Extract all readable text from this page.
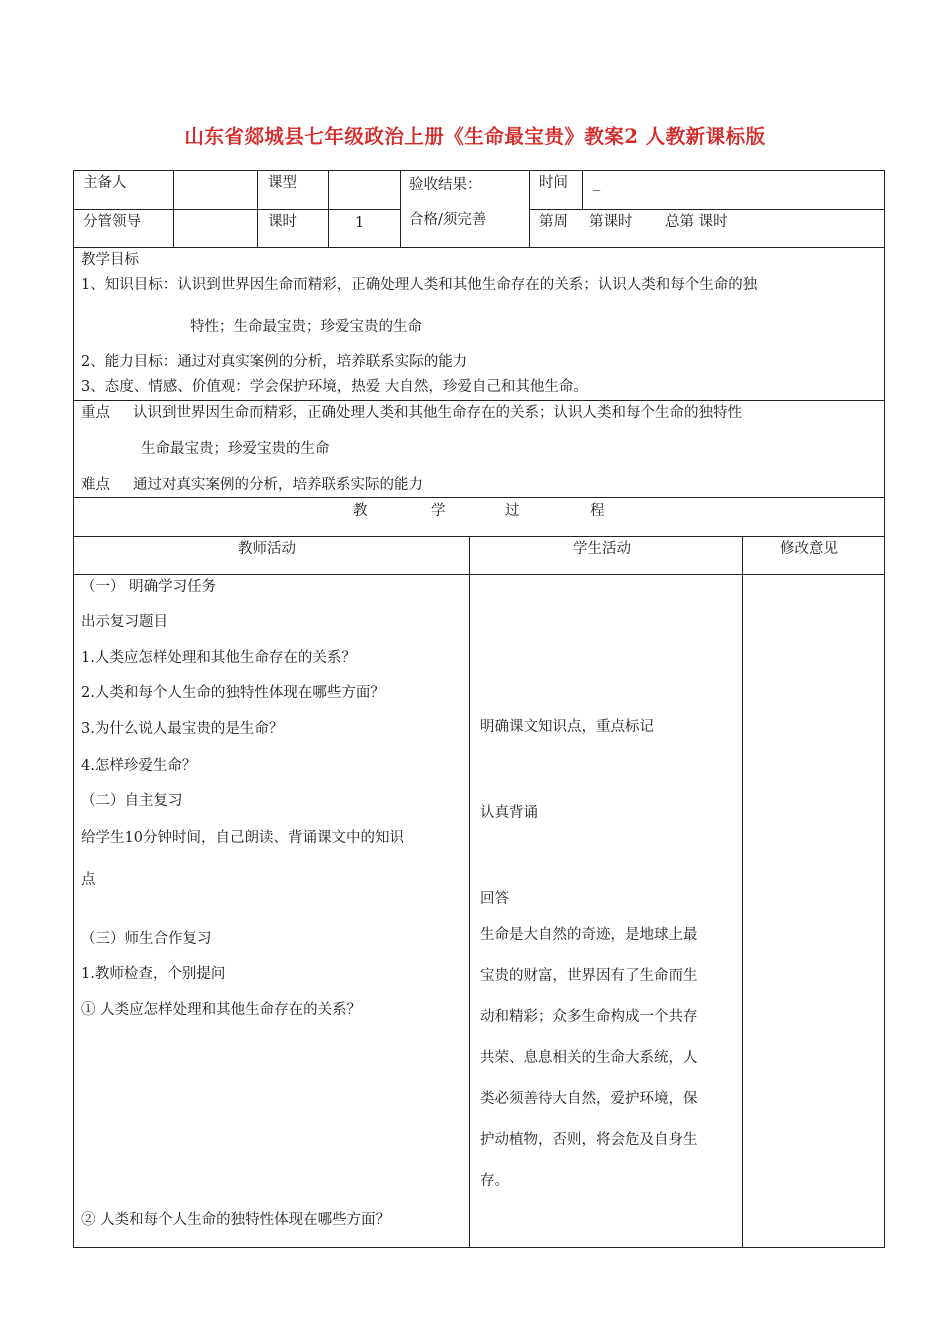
山东省郯城县七年级政治上册《生命最宝贵》教案2 人教新课标版
主备人	课型	验收结果：	时间 _
分管领导	课时	1	合格/须完善	第周 第课时 总第 课时
教学目标
1、知识目标：认识到世界因生命而精彩，正确处理人类和其他生命存在的关系；认识人类和每个生命的独
特性；生命最宝贵；珍爱宝贵的生命
2、能力目标：通过对真实案例的分析，培养联系实际的能力
3、态度、情感、价值观：学会保护环境，热爱 大自然，珍爱自己和其他生命。
重点 认识到世界因生命而精彩，正确处理人类和其他生命存在的关系；认识人类和每个生命的独特性
生命最宝贵；珍爱宝贵的生命
难点 通过对真实案例的分析，培养联系实际的能力
教	学	过	程
教师活动	学生活动	修改意见
（一） 明确学习任务
出示复习题目
1.人类应怎样处理和其他生命存在的关系？
2.人类和每个人生命的独特性体现在哪些方面？
3.为什么说人最宝贵的是生命？
4.怎样珍爱生命？
（二）自主复习
给学生10分钟时间，自己朗读、背诵课文中的知识
点
（三）师生合作复习
1.教师检查，个别提问
① 人类应怎样处理和其他生命存在的关系？
② 人类和每个人生命的独特性体现在哪些方面？
明确课文知识点，重点标记
认真背诵
回答
生命是大自然的奇迹，是地球上最
宝贵的财富，世界因有了生命而生
动和精彩；众多生命构成一个共存
共荣、息息相关的生命大系统，人
类必须善待大自然，爱护环境，保
护动植物，否则，将会危及自身生
存。
